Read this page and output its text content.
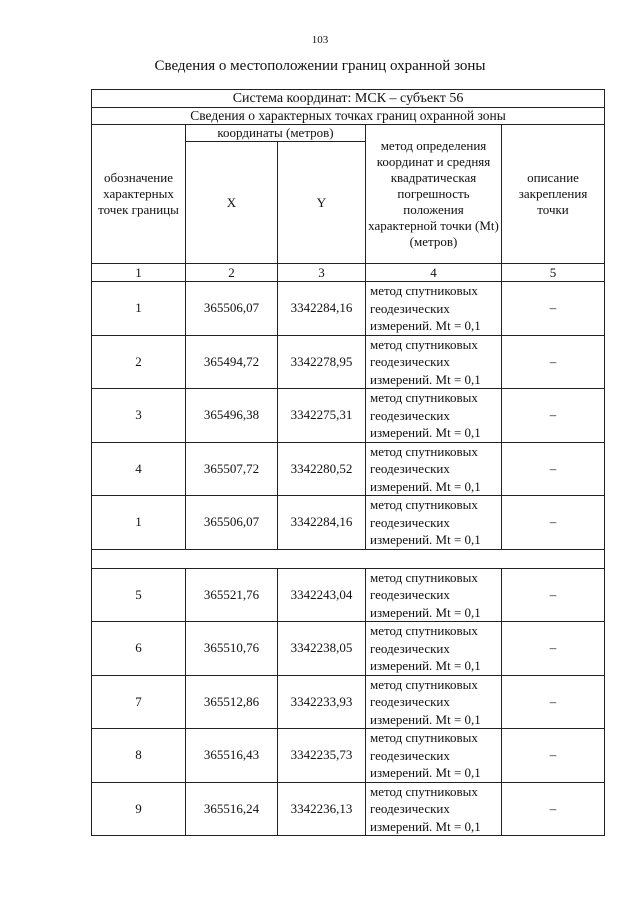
103
Сведения о местоположении границ охранной зоны
Система координат: МСК – субъект 56				
Сведения о характерных точках границ охранной зоны				
обозначение характерных точек границы	координаты (метров)		метод определения координат и средняя квадратическая погрешность положения характерной точки (Mt) (метров)	описание закрепления точки
	X	Y		
1	2	3	4	5
1	365506,07	3342284,16	метод спутниковых геодезических измерений. Mt = 0,1	–
2	365494,72	3342278,95	метод спутниковых геодезических измерений. Mt = 0,1	–
3	365496,38	3342275,31	метод спутниковых геодезических измерений. Mt = 0,1	–
4	365507,72	3342280,52	метод спутниковых геодезических измерений. Mt = 0,1	–
1	365506,07	3342284,16	метод спутниковых геодезических измерений. Mt = 0,1	–

5	365521,76	3342243,04	метод спутниковых геодезических измерений. Mt = 0,1	–
6	365510,76	3342238,05	метод спутниковых геодезических измерений. Mt = 0,1	–
7	365512,86	3342233,93	метод спутниковых геодезических измерений. Mt = 0,1	–
8	365516,43	3342235,73	метод спутниковых геодезических измерений. Mt = 0,1	–
9	365516,24	3342236,13	метод спутниковых геодезических измерений. Mt = 0,1	–
